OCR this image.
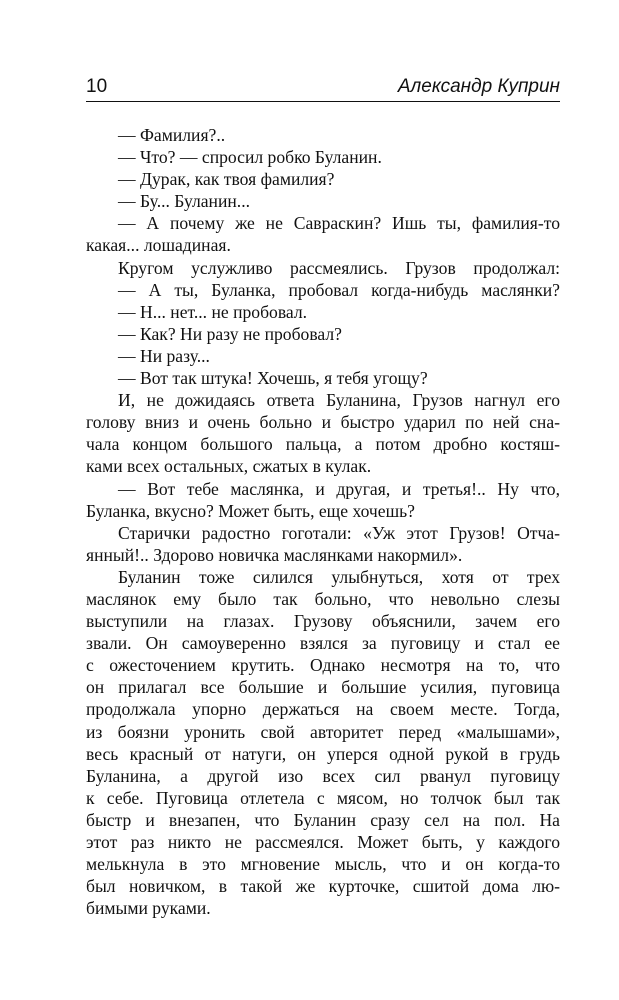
10	Александр Куприн
— Фамилия?..
— Что? — спросил робко Буланин.
— Дурак, как твоя фамилия?
— Бу... Буланин...
— А почему же не Савраскин? Ишь ты, фамилия-то
какая... лошадиная.
Кругом услужливо рассмеялись. Грузов продолжал:
— А ты, Буланка, пробовал когда-нибудь маслянки?
— Н... нет... не пробовал.
— Как? Ни разу не пробовал?
— Ни разу...
— Вот так штука! Хочешь, я тебя угощу?
И, не дожидаясь ответа Буланина, Грузов нагнул его
голову вниз и очень больно и быстро ударил по ней сна-
чала концом большого пальца, а потом дробно костяш-
ками всех остальных, сжатых в кулак.
— Вот тебе маслянка, и другая, и третья!.. Ну что,
Буланка, вкусно? Может быть, еще хочешь?
Старички радостно гоготали: «Уж этот Грузов! Отча-
янный!.. Здорово новичка маслянками накормил».
Буланин тоже силился улыбнуться, хотя от трех
маслянок ему было так больно, что невольно слезы
выступили на глазах. Грузову объяснили, зачем его
звали. Он самоуверенно взялся за пуговицу и стал ее
с ожесточением крутить. Однако несмотря на то, что
он прилагал все большие и большие усилия, пуговица
продолжала упорно держаться на своем месте. Тогда,
из боязни уронить свой авторитет перед «малышами»,
весь красный от натуги, он уперся одной рукой в грудь
Буланина, а другой изо всех сил рванул пуговицу
к себе. Пуговица отлетела с мясом, но толчок был так
быстр и внезапен, что Буланин сразу сел на пол. На
этот раз никто не рассмеялся. Может быть, у каждого
мелькнула в это мгновение мысль, что и он когда-то
был новичком, в такой же курточке, сшитой дома лю-
бимыми руками.
